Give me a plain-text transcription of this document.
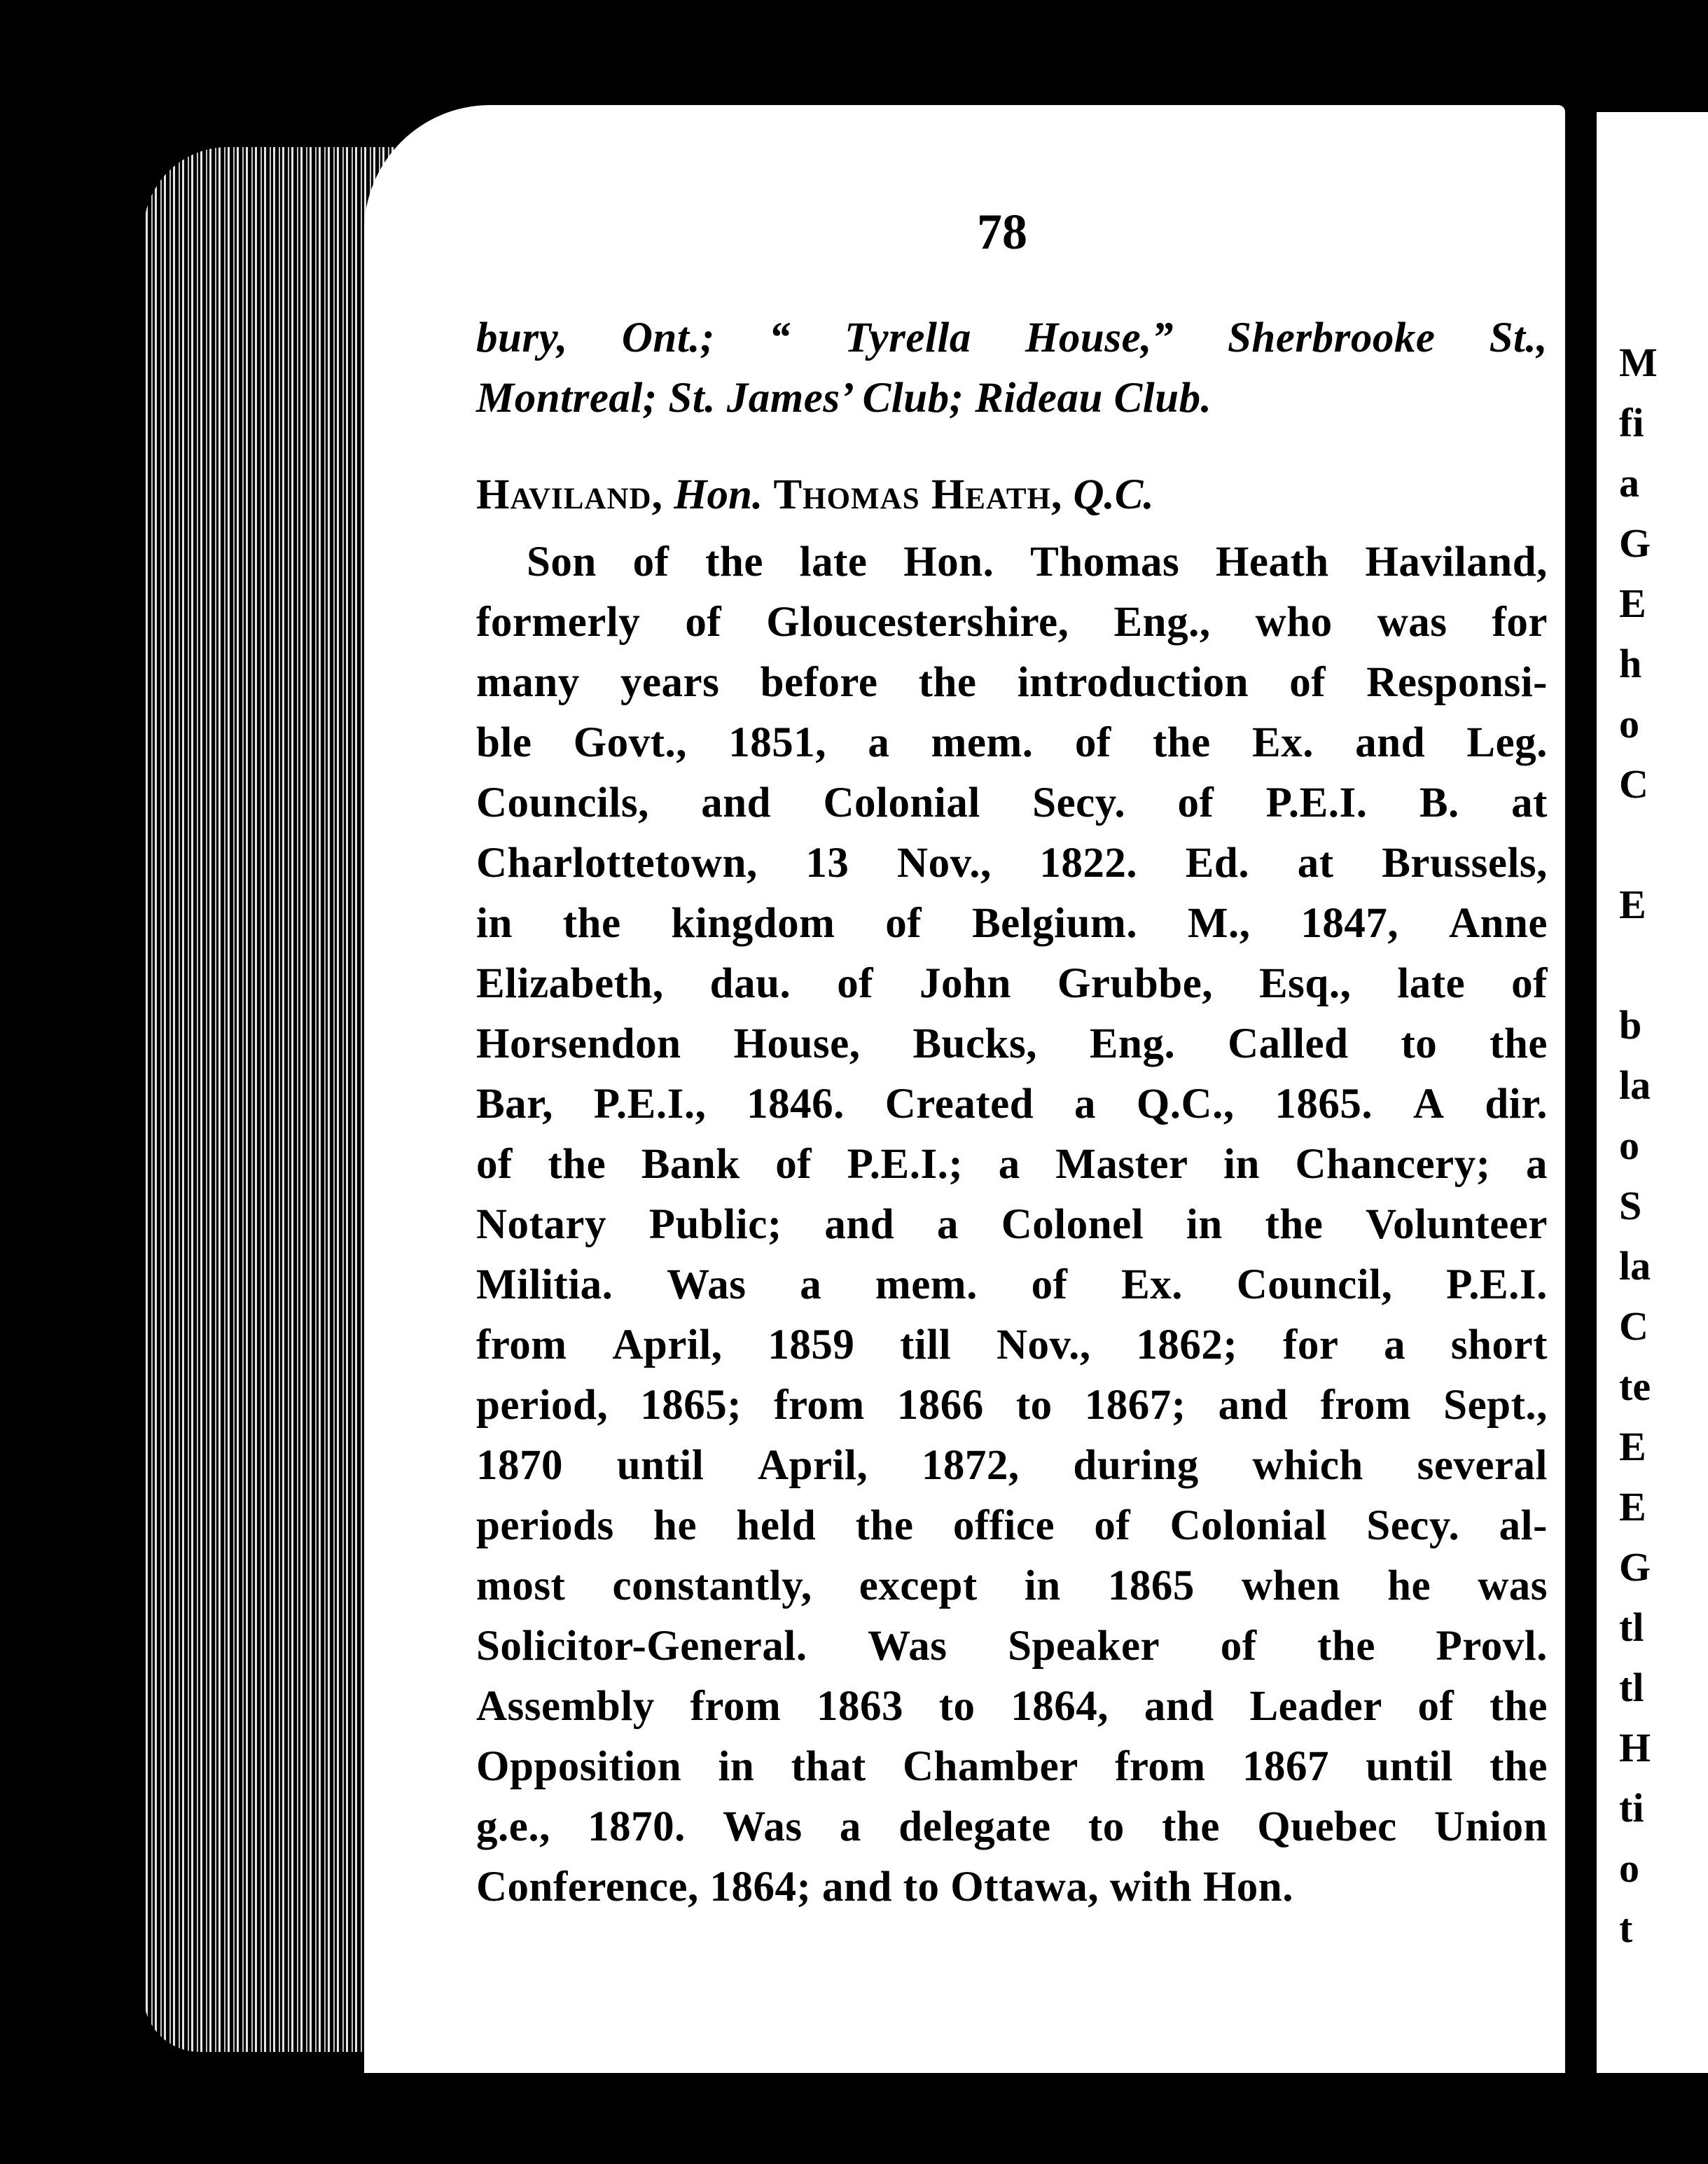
78
bury, Ont.; “ Tyrella House,” Sherbrooke St.,
Montreal; St. James’ Club; Rideau Club.
Haviland, Hon. Thomas Heath, Q.C.
Son of the late Hon. Thomas Heath Haviland,
formerly of Gloucestershire, Eng., who was for
many years before the introduction of Responsi-
ble Govt., 1851, a mem. of the Ex. and Leg.
Councils, and Colonial Secy. of P.E.I. B. at
Charlottetown, 13 Nov., 1822. Ed. at Brussels,
in the kingdom of Belgium. M., 1847, Anne
Elizabeth, dau. of John Grubbe, Esq., late of
Horsendon House, Bucks, Eng. Called to the
Bar, P.E.I., 1846. Created a Q.C., 1865. A dir.
of the Bank of P.E.I.; a Master in Chancery; a
Notary Public; and a Colonel in the Volunteer
Militia. Was a mem. of Ex. Council, P.E.I.
from April, 1859 till Nov., 1862; for a short
period, 1865; from 1866 to 1867; and from Sept.,
1870 until April, 1872, during which several
periods he held the office of Colonial Secy. al-
most constantly, except in 1865 when he was
Solicitor-General. Was Speaker of the Provl.
Assembly from 1863 to 1864, and Leader of the
Opposition in that Chamber from 1867 until the
g.e., 1870. Was a delegate to the Quebec Union
Conference, 1864; and to Ottawa, with Hon.
M
fi
a
G
E
h
o
C
E
b
la
o
S
la
C
te
E
E
G
tl
tl
H
ti
o
t
